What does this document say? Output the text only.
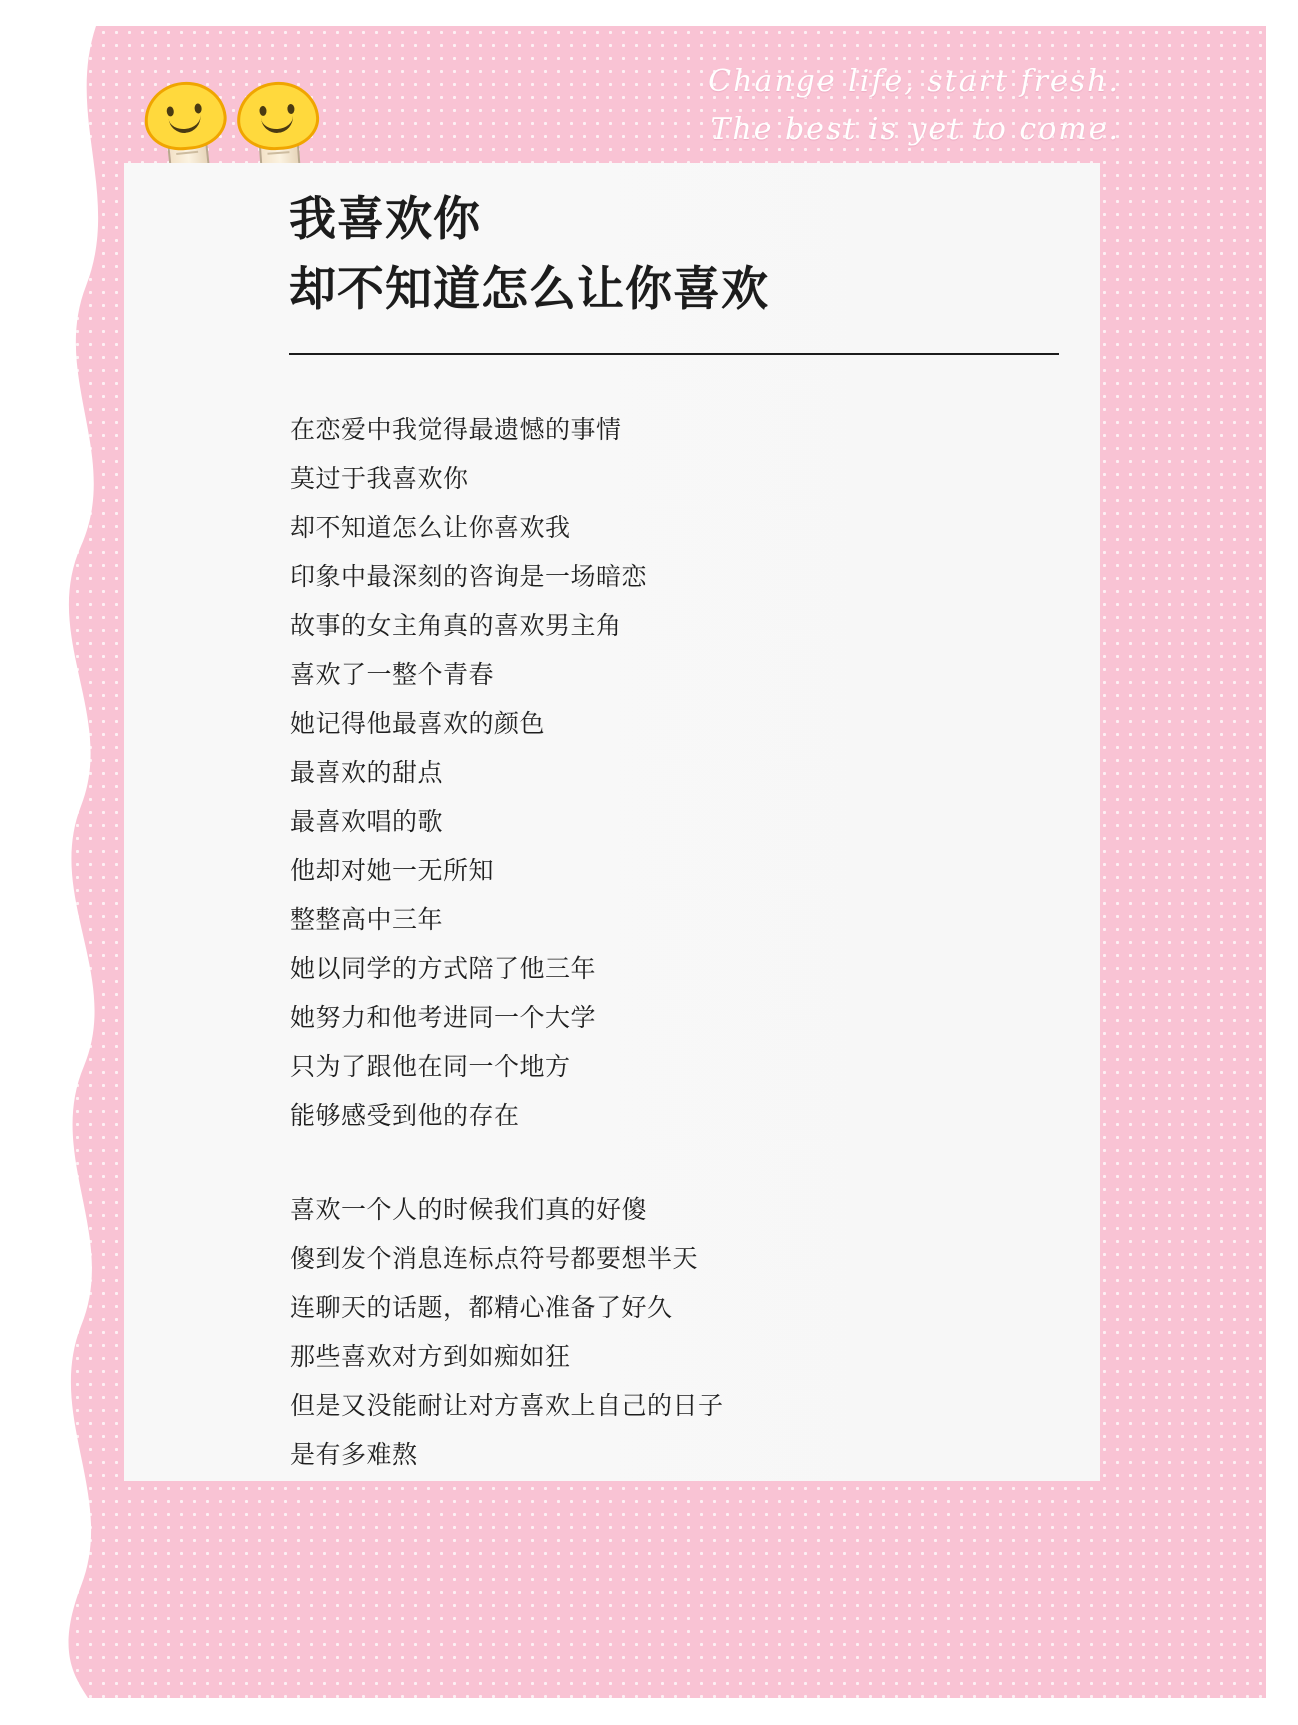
Change life, start fresh.
The best is yet to come.
我喜欢你
却不知道怎么让你喜欢

在恋爱中我觉得最遗憾的事情

莫过于我喜欢你

却不知道怎么让你喜欢我

印象中最深刻的咨询是一场暗恋

故事的女主角真的喜欢男主角

喜欢了一整个青春

她记得他最喜欢的颜色

最喜欢的甜点

最喜欢唱的歌

他却对她一无所知

整整高中三年

她以同学的方式陪了他三年

她努力和他考进同一个大学

只为了跟他在同一个地方

能够感受到他的存在

喜欢一个人的时候我们真的好傻

傻到发个消息连标点符号都要想半天

连聊天的话题，都精心准备了好久

那些喜欢对方到如痴如狂

但是又没能耐让对方喜欢上自己的日子

是有多难熬
